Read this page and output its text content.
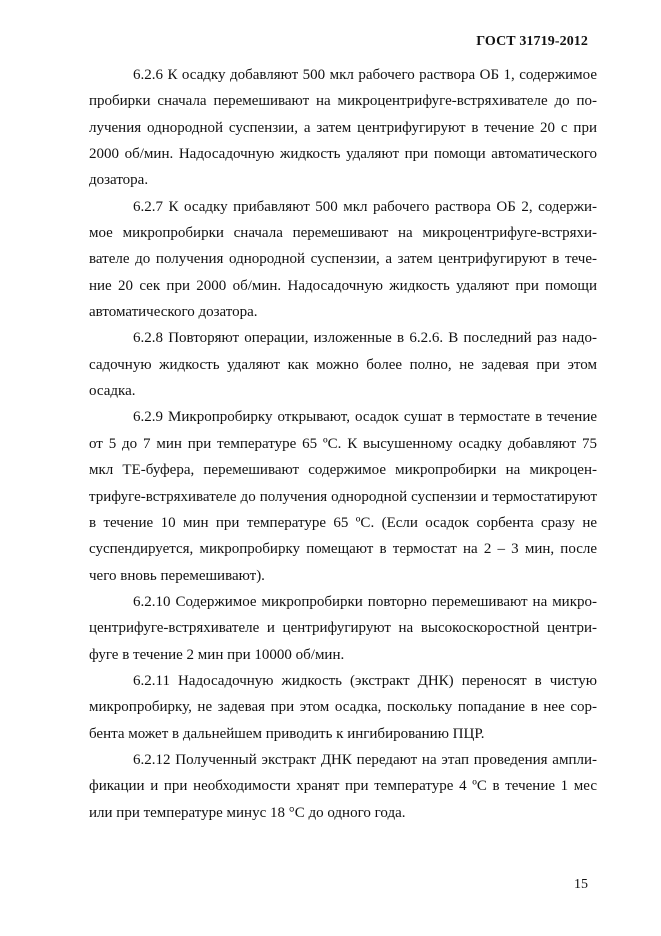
ГОСТ 31719-2012

6.2.6 К осадку добавляют 500 мкл рабочего раствора ОБ 1, содержимое пробирки сначала перемешивают на микроцентрифуге-встряхивателе до получения однородной суспензии, а затем центрифугируют в течение 20 с при 2000 об/мин. Надосадочную жидкость удаляют при помощи автоматического дозатора.

6.2.7 К осадку прибавляют 500 мкл рабочего раствора ОБ 2, содержимое микропробирки сначала перемешивают на микроцентрифуге-встряхивателе до получения однородной суспензии, а затем центрифугируют в течение 20 сек при 2000 об/мин. Надосадочную жидкость удаляют при помощи автоматического дозатора.

6.2.8 Повторяют операции, изложенные в 6.2.6. В последний раз надосадочную жидкость удаляют как можно более полно, не задевая при этом осадка.

6.2.9 Микропробирку открывают, осадок сушат в термостате в течение от 5 до 7 мин при температуре 65 ºС. К высушенному осадку добавляют 75 мкл ТЕ-буфера, перемешивают содержимое микропробирки на микроцентрифуге-встряхивателе до получения однородной суспензии и термостатируют в течение 10 мин при температуре 65 ºС. (Если осадок сорбента сразу не суспендируется, микропробирку помещают в термостат на 2 – 3 мин, после чего вновь перемешивают).

6.2.10 Содержимое микропробирки повторно перемешивают на микроцентрифуге-встряхивателе и центрифугируют на высокоскоростной центрифуге в течение 2 мин при 10000 об/мин.

6.2.11 Надосадочную жидкость (экстракт ДНК) переносят в чистую микропробирку, не задевая при этом осадка, поскольку попадание в нее сорбента может в дальнейшем приводить к ингибированию ПЦР.

6.2.12 Полученный экстракт ДНК передают на этап проведения амплификации и при необходимости хранят при температуре 4 ºС в течение 1 мес или при температуре минус 18 °С до одного года.

15
